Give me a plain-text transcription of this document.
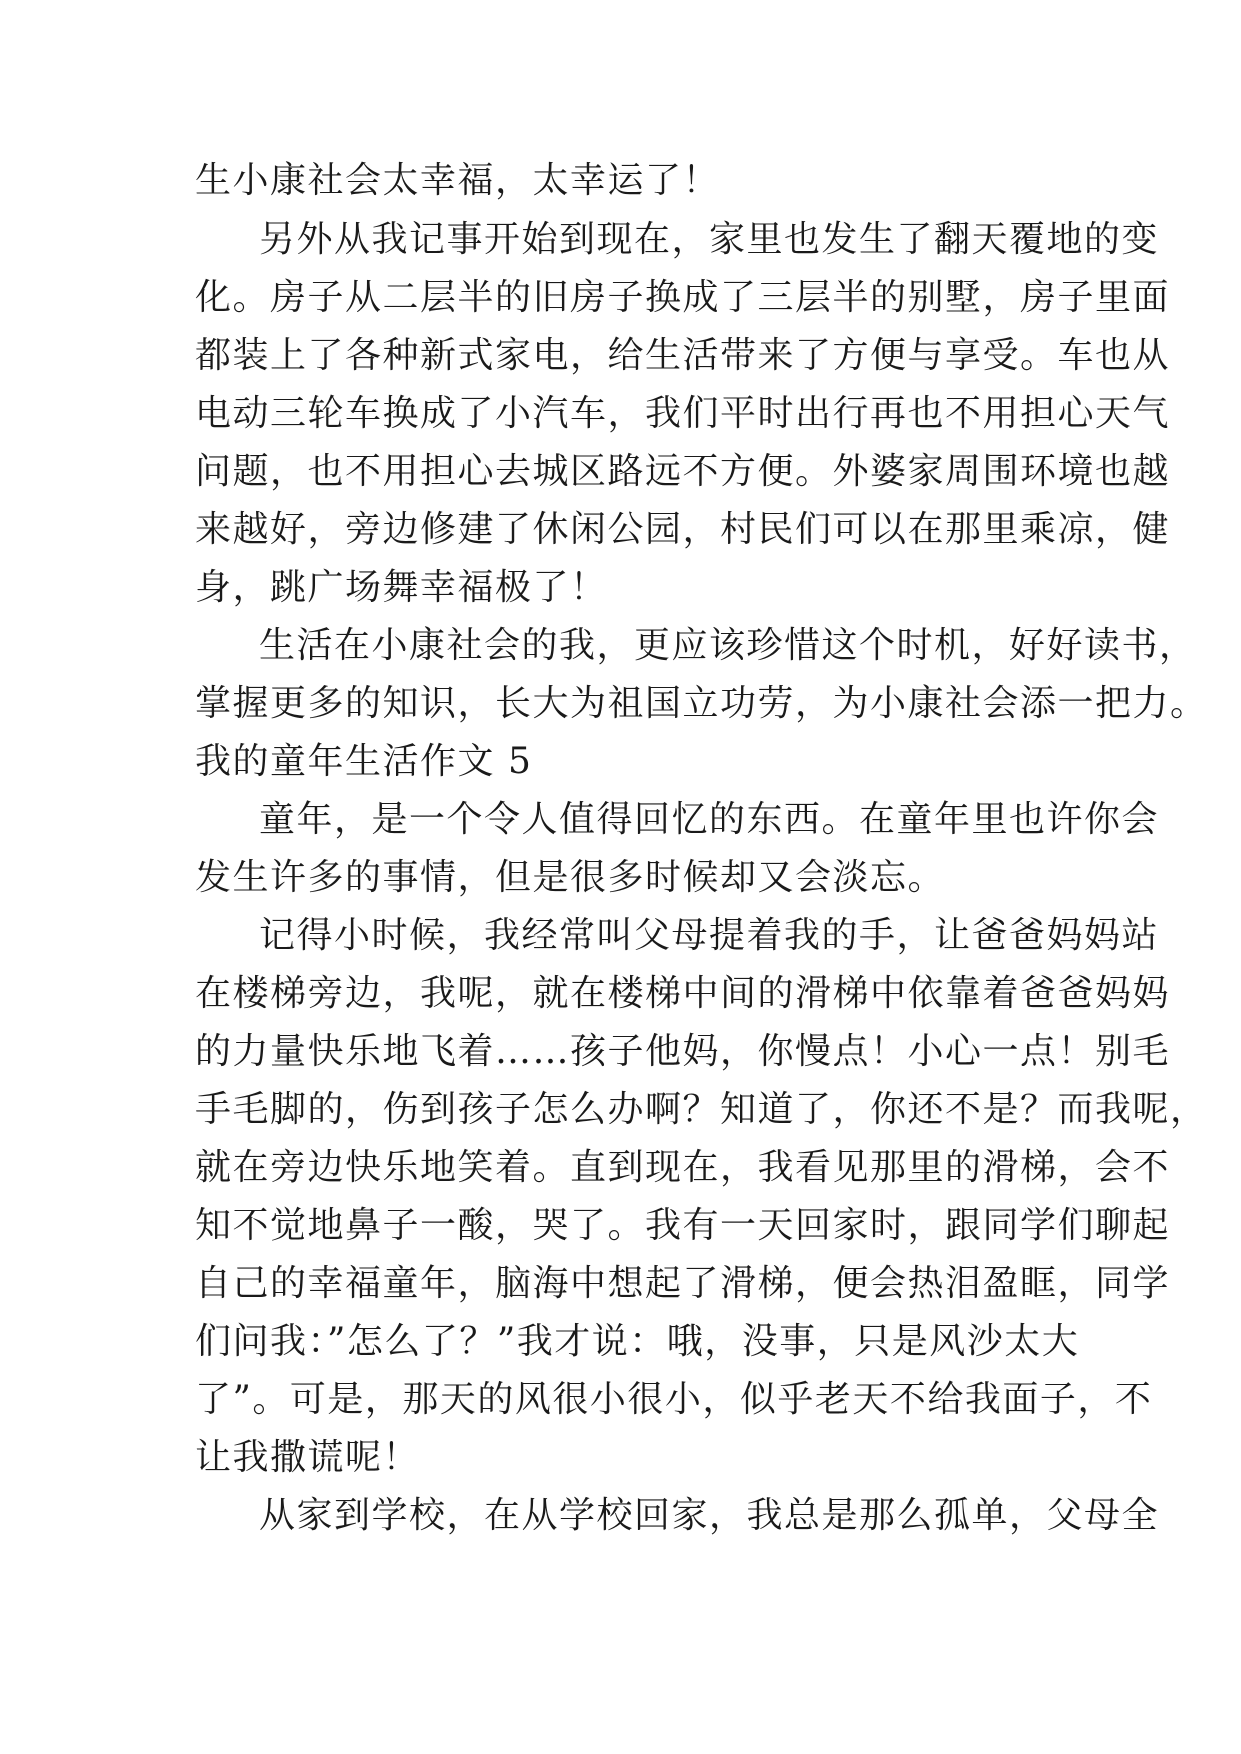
生小康社会太幸福，太幸运了！
另外从我记事开始到现在，家里也发生了翻天覆地的变
化。房子从二层半的旧房子换成了三层半的别墅，房子里面
都装上了各种新式家电，给生活带来了方便与享受。车也从
电动三轮车换成了小汽车，我们平时出行再也不用担心天气
问题，也不用担心去城区路远不方便。外婆家周围环境也越
来越好，旁边修建了休闲公园，村民们可以在那里乘凉，健
身，跳广场舞幸福极了！
生活在小康社会的我，更应该珍惜这个时机，好好读书，
掌握更多的知识，长大为祖国立功劳，为小康社会添一把力。
我的童年生活作文 5
童年，是一个令人值得回忆的东西。在童年里也许你会
发生许多的事情，但是很多时候却又会淡忘。
记得小时候，我经常叫父母提着我的手，让爸爸妈妈站
在楼梯旁边，我呢，就在楼梯中间的滑梯中依靠着爸爸妈妈
的力量快乐地飞着……孩子他妈，你慢点！小心一点！别毛
手毛脚的，伤到孩子怎么办啊？知道了，你还不是？而我呢，
就在旁边快乐地笑着。直到现在，我看见那里的滑梯，会不
知不觉地鼻子一酸，哭了。我有一天回家时，跟同学们聊起
自己的幸福童年，脑海中想起了滑梯，便会热泪盈眶，同学
们问我：”怎么了？”我才说：哦，没事，只是风沙太大
了”。可是，那天的风很小很小，似乎老天不给我面子，不
让我撒谎呢！
从家到学校，在从学校回家，我总是那么孤单，父母全
